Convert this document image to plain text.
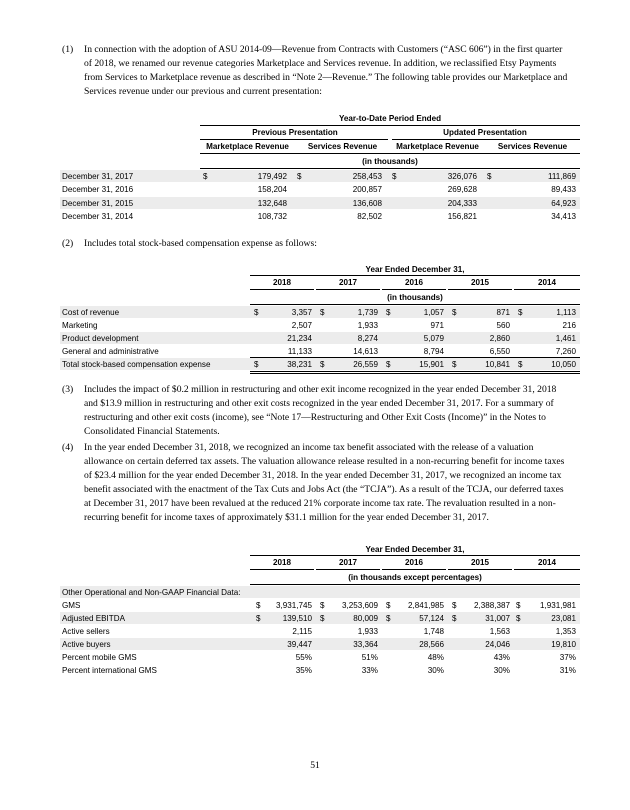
(1) In connection with the adoption of ASU 2014-09—Revenue from Contracts with Customers (“ASC 606”) in the first quarter of 2018, we renamed our revenue categories Marketplace and Services revenue. In addition, we reclassified Etsy Payments from Services to Marketplace revenue as described in “Note 2—Revenue.” The following table provides our Marketplace and Services revenue under our previous and current presentation:
Year-to-Date Period Ended
Previous Presentation	Updated Presentation
Marketplace Revenue	Services Revenue	Marketplace Revenue	Services Revenue
(in thousands)
December 31, 2017	$	179,492 $	258,453 $	326,076 $	111,869
December 31, 2016	158,204	200,857	269,628	89,433
December 31, 2015	132,648	136,608	204,333	64,923
December 31, 2014	108,732	82,502	156,821	34,413
(2) Includes total stock-based compensation expense as follows:
Year Ended December 31,
2018	2017	2016	2015	2014
(in thousands)
Cost of revenue	$	3,357 $	1,739 $	1,057 $	871 $	1,113
Marketing	2,507	1,933	971	560	216
Product development	21,234	8,274	5,079	2,860	1,461
General and administrative	11,133	14,613	8,794	6,550	7,260
Total stock-based compensation expense	$	38,231 $	26,559 $	15,901 $	10,841 $	10,050
(3) Includes the impact of $0.2 million in restructuring and other exit income recognized in the year ended December 31, 2018 and $13.9 million in restructuring and other exit costs recognized in the year ended December 31, 2017. For a summary of restructuring and other exit costs (income), see “Note 17—Restructuring and Other Exit Costs (Income)” in the Notes to Consolidated Financial Statements.
(4) In the year ended December 31, 2018, we recognized an income tax benefit associated with the release of a valuation allowance on certain deferred tax assets. The valuation allowance release resulted in a non-recurring benefit for income taxes of $23.4 million for the year ended December 31, 2018. In the year ended December 31, 2017, we recognized an income tax benefit associated with the enactment of the Tax Cuts and Jobs Act (the “TCJA”). As a result of the TCJA, our deferred taxes at December 31, 2017 have been revalued at the reduced 21% corporate income tax rate. The revaluation resulted in a non-recurring benefit for income taxes of approximately $31.1 million for the year ended December 31, 2017.
Year Ended December 31,
2018	2017	2016	2015	2014
(in thousands except percentages)
Other Operational and Non-GAAP Financial Data:
GMS	$	3,931,745 $	3,253,609 $	2,841,985 $	2,388,387 $	1,931,981
Adjusted EBITDA	$	139,510 $	80,009 $	57,124 $	31,007 $	23,081
Active sellers	2,115	1,933	1,748	1,563	1,353
Active buyers	39,447	33,364	28,566	24,046	19,810
Percent mobile GMS	55%	51%	48%	43%	37%
Percent international GMS	35%	33%	30%	30%	31%
51
